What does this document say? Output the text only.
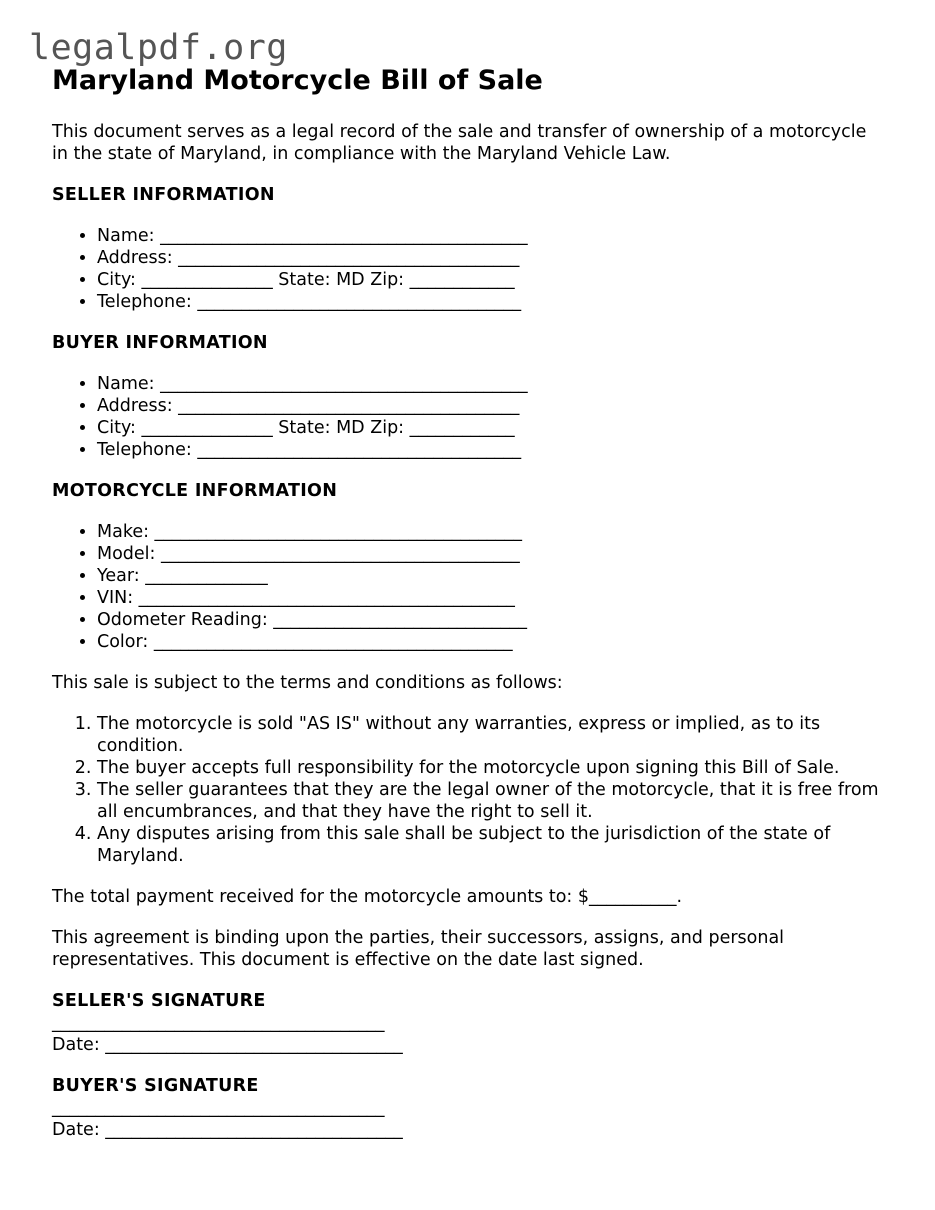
legalpdf.org
Maryland Motorcycle Bill of Sale

This document serves as a legal record of the sale and transfer of ownership of a motorcycle in the state of Maryland, in compliance with the Maryland Vehicle Law.

SELLER INFORMATION
• Name: __________________________________________
• Address: _______________________________________
• City: _______________ State: MD Zip: ____________
• Telephone: _____________________________________
BUYER INFORMATION
• Name: __________________________________________
• Address: _______________________________________
• City: _______________ State: MD Zip: ____________
• Telephone: _____________________________________
MOTORCYCLE INFORMATION
• Make: __________________________________________
• Model: _________________________________________
• Year: ______________
• VIN: ___________________________________________
• Odometer Reading: _____________________________
• Color: _________________________________________

This sale is subject to the terms and conditions as follows:

1. The motorcycle is sold "AS IS" without any warranties, express or implied, as to its condition.
2. The buyer accepts full responsibility for the motorcycle upon signing this Bill of Sale.
3. The seller guarantees that they are the legal owner of the motorcycle, that it is free from all encumbrances, and that they have the right to sell it.
4. Any disputes arising from this sale shall be subject to the jurisdiction of the state of Maryland.

The total payment received for the motorcycle amounts to: $__________.

This agreement is binding upon the parties, their successors, assigns, and personal representatives. This document is effective on the date last signed.

SELLER'S SIGNATURE
______________________________________
Date: __________________________________
BUYER'S SIGNATURE
______________________________________
Date: __________________________________
